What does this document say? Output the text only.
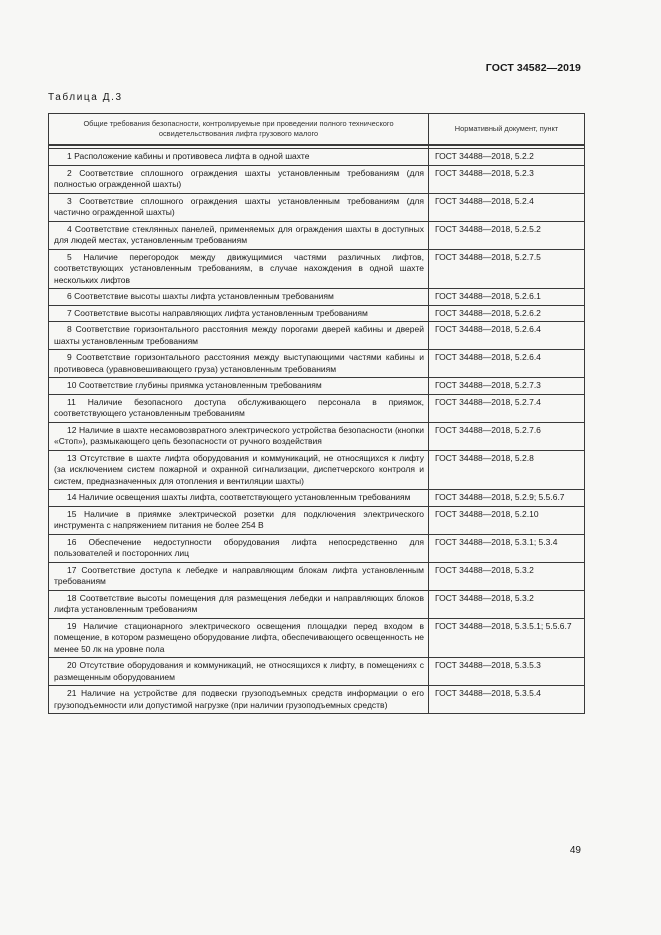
ГОСТ 34582—2019
Таблица Д.3
Общие требования безопасности, контролируемые при проведении полного технического освидетельствования лифта грузового малого	Нормативный документ, пункт

1 Расположение кабины и противовеса лифта в одной шахте	ГОСТ 34488—2018, 5.2.2
2 Соответствие сплошного ограждения шахты установленным требованиям (для полностью огражденной шахты)	ГОСТ 34488—2018, 5.2.3
3 Соответствие сплошного ограждения шахты установленным требованиям (для частично огражденной шахты)	ГОСТ 34488—2018, 5.2.4
4 Соответствие стеклянных панелей, применяемых для ограждения шахты в доступных для людей местах, установленным требованиям	ГОСТ 34488—2018, 5.2.5.2
5 Наличие перегородок между движущимися частями различных лифтов, соответствующих установленным требованиям, в случае нахождения в одной шахте нескольких лифтов	ГОСТ 34488—2018, 5.2.7.5
6 Соответствие высоты шахты лифта установленным требованиям	ГОСТ 34488—2018, 5.2.6.1
7 Соответствие высоты направляющих лифта установленным требованиям	ГОСТ 34488—2018, 5.2.6.2
8 Соответствие горизонтального расстояния между порогами дверей кабины и дверей шахты установленным требованиям	ГОСТ 34488—2018, 5.2.6.4
9 Соответствие горизонтального расстояния между выступающими частями кабины и противовеса (уравновешивающего груза) установленным требованиям	ГОСТ 34488—2018, 5.2.6.4
10 Соответствие глубины приямка установленным требованиям	ГОСТ 34488—2018, 5.2.7.3
11 Наличие безопасного доступа обслуживающего персонала в приямок, соответствующего установленным требованиям	ГОСТ 34488—2018, 5.2.7.4
12 Наличие в шахте несамовозвратного электрического устройства безопасности (кнопки «Стоп»), размыкающего цепь безопасности от ручного воздействия	ГОСТ 34488—2018, 5.2.7.6
13 Отсутствие в шахте лифта оборудования и коммуникаций, не относящихся к лифту (за исключением систем пожарной и охранной сигнализации, диспетчерского контроля и систем, предназначенных для отопления и вентиляции шахты)	ГОСТ 34488—2018, 5.2.8
14 Наличие освещения шахты лифта, соответствующего установленным требованиям	ГОСТ 34488—2018, 5.2.9; 5.5.6.7
15 Наличие в приямке электрической розетки для подключения электрического инструмента с напряжением питания не более 254 В	ГОСТ 34488—2018, 5.2.10
16 Обеспечение недоступности оборудования лифта непосредственно для пользователей и посторонних лиц	ГОСТ 34488—2018, 5.3.1; 5.3.4
17 Соответствие доступа к лебедке и направляющим блокам лифта установленным требованиям	ГОСТ 34488—2018, 5.3.2
18 Соответствие высоты помещения для размещения лебедки и направляющих блоков лифта установленным требованиям	ГОСТ 34488—2018, 5.3.2
19 Наличие стационарного электрического освещения площадки перед входом в помещение, в котором размещено оборудование лифта, обеспечивающего освещенность не менее 50 лк на уровне пола	ГОСТ 34488—2018, 5.3.5.1; 5.5.6.7
20 Отсутствие оборудования и коммуникаций, не относящихся к лифту, в помещениях с размещенным оборудованием	ГОСТ 34488—2018, 5.3.5.3
21 Наличие на устройстве для подвески грузоподъемных средств информации о его грузоподъемности или допустимой нагрузке (при наличии грузоподъемных средств)	ГОСТ 34488—2018, 5.3.5.4
49
